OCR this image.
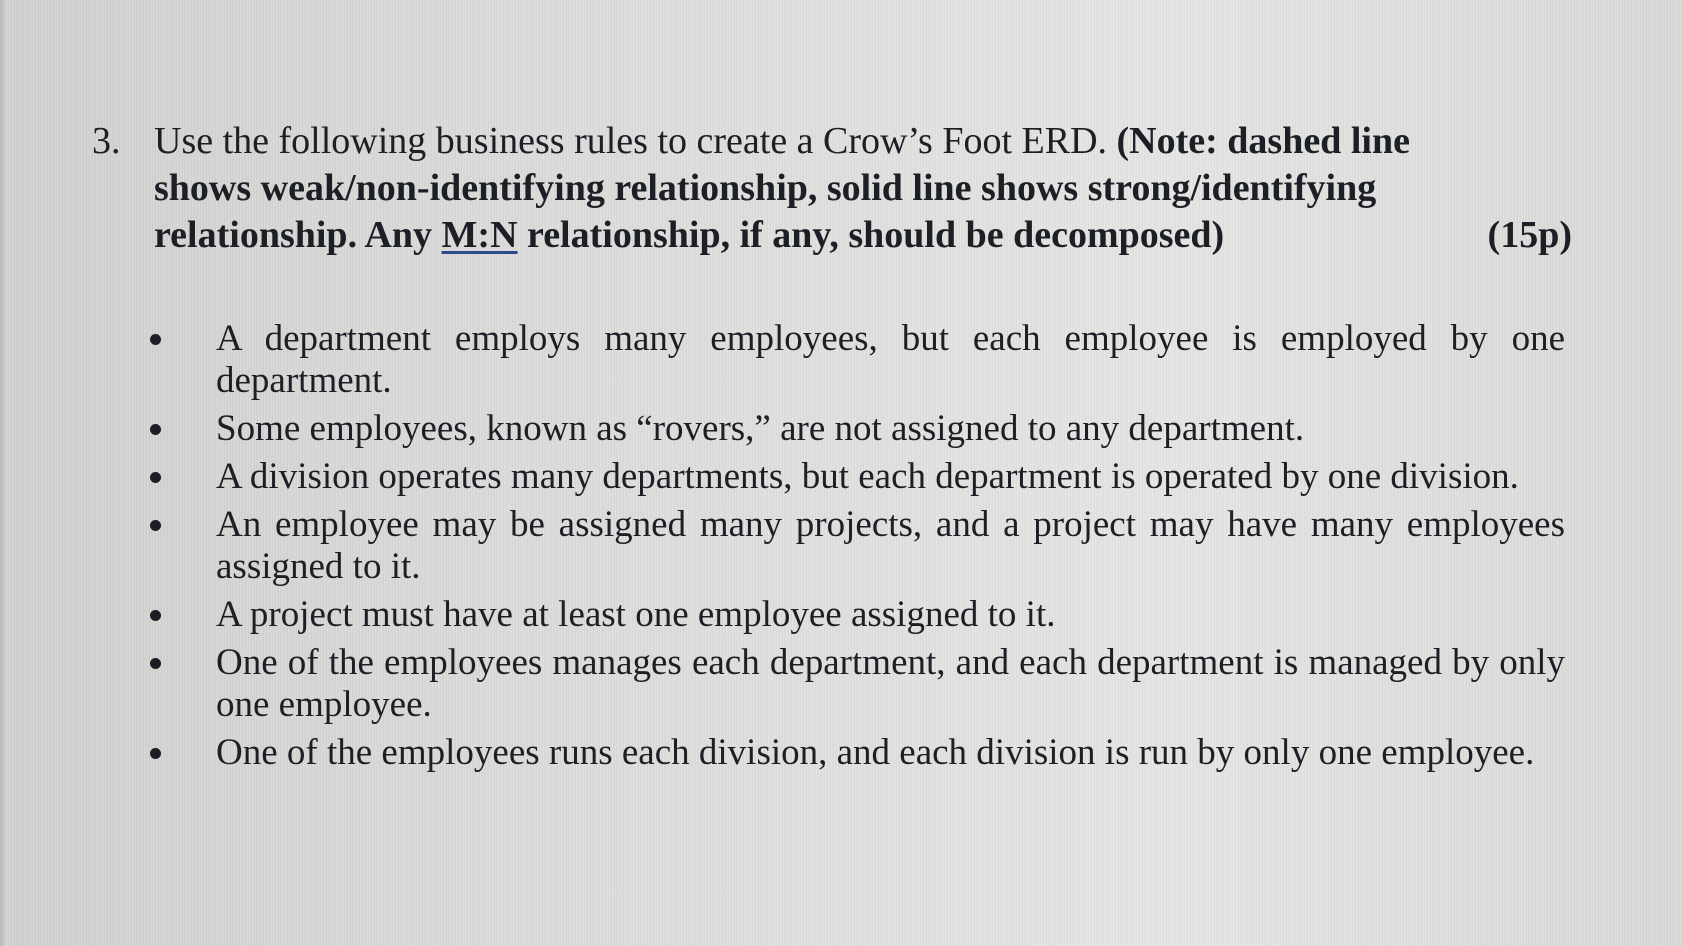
3. Use the following business rules to create a Crow’s Foot ERD. (Note: dashed line
shows weak/non-identifying relationship, solid line shows strong/identifying
relationship. Any M:N relationship, if any, should be decomposed)	(15p)
A department employs many employees, but each employee is employed by one department.
Some employees, known as “rovers,” are not assigned to any department.
A division operates many departments, but each department is operated by one division.
An employee may be assigned many projects, and a project may have many employees assigned to it.
A project must have at least one employee assigned to it.
One of the employees manages each department, and each department is managed by only one employee.
One of the employees runs each division, and each division is run by only one employee.
